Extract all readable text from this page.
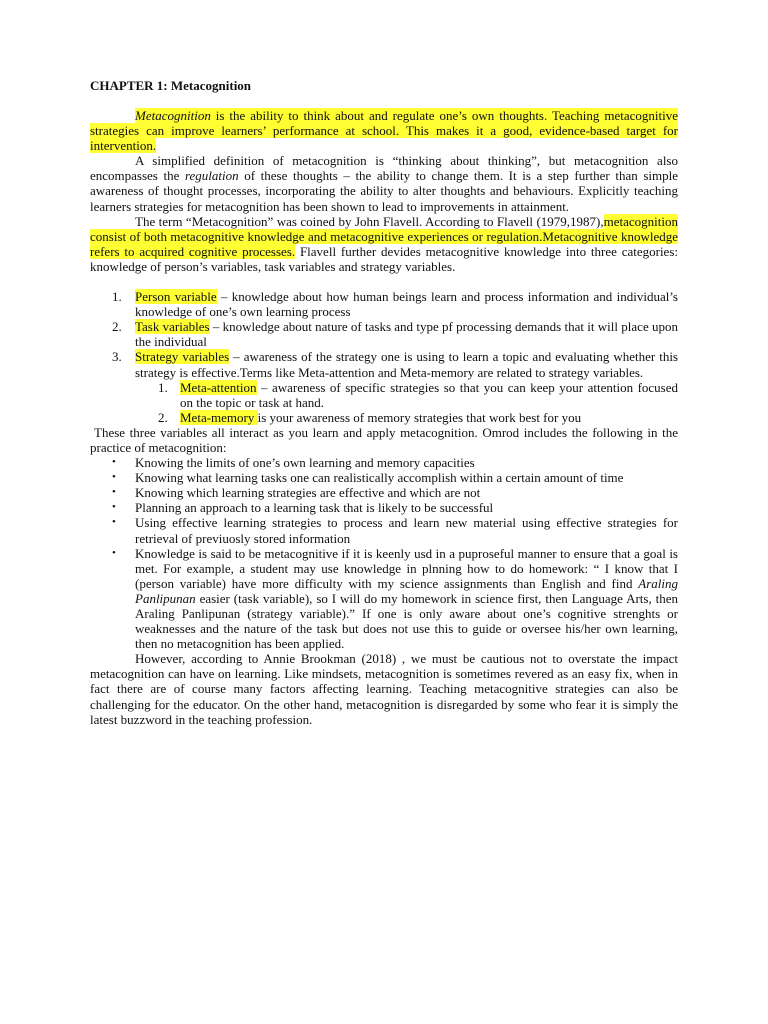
CHAPTER 1: Metacognition

Metacognition is the ability to think about and regulate one’s own thoughts. Teaching metacognitive strategies can improve learners’ performance at school. This makes it a good, evidence-based target for intervention.

A simplified definition of metacognition is “thinking about thinking”, but metacognition also encompasses the regulation of these thoughts – the ability to change them. It is a step further than simple awareness of thought processes, incorporating the ability to alter thoughts and behaviours. Explicitly teaching learners strategies for metacognition has been shown to lead to improvements in attainment.

The term “Metacognition” was coined by John Flavell. According to Flavell (1979,1987),metacognition consist of both metacognitive knowledge and metacognitive experiences or regulation.Metacognitive knowledge refers to acquired cognitive processes. Flavell further devides metacognitive knowledge into three categories: knowledge of person’s variables, task variables and strategy variables.

1. Person variable – knowledge about how human beings learn and process information and individual’s knowledge of one’s own learning process
2. Task variables – knowledge about nature of tasks and type pf processing demands that it will place upon the individual
3. Strategy variables – awareness of the strategy one is using to learn a topic and evaluating whether this strategy is effective.Terms like Meta-attention and Meta-memory are related to strategy variables.
1. Meta-attention – awareness of specific strategies so that you can keep your attention focused on the topic or task at hand.
2. Meta-memory is your awareness of memory strategies that work best for you

These three variables all interact as you learn and apply metacognition. Omrod includes the following in the practice of metacognition:

• Knowing the limits of one’s own learning and memory capacities
• Knowing what learning tasks one can realistically accomplish within a certain amount of time
• Knowing which learning strategies are effective and which are not
• Planning an approach to a learning task that is likely to be successful
• Using effective learning strategies to process and learn new material using effective strategies for retrieval of previuosly stored information
• Knowledge is said to be metacognitive if it is keenly usd in a puproseful manner to ensure that a goal is met. For example, a student may use knowledge in plnning how to do homework: “ I know that I (person variable) have more difficulty with my science assignments than English and find Araling Panlipunan easier (task variable), so I will do my homework in science first, then Language Arts, then Araling Panlipunan (strategy variable).” If one is only aware about one’s cognitive strenghts or weaknesses and the nature of the task but does not use this to guide or oversee his/her own learning, then no metacognition has been applied.

However, according to Annie Brookman (2018) , we must be cautious not to overstate the impact metacognition can have on learning. Like mindsets, metacognition is sometimes revered as an easy fix, when in fact there are of course many factors affecting learning. Teaching metacognitive strategies can also be challenging for the educator. On the other hand, metacognition is disregarded by some who fear it is simply the latest buzzword in the teaching profession.
